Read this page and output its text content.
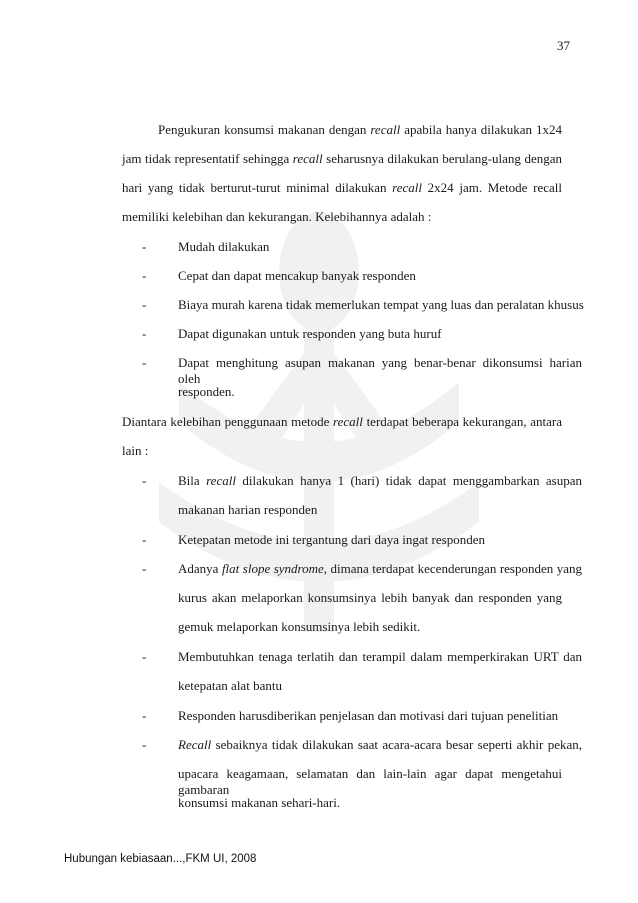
37
Pengukuran konsumsi makanan dengan recall apabila hanya dilakukan 1x24
jam tidak representatif sehingga recall seharusnya dilakukan berulang-ulang dengan
hari yang tidak berturut-turut minimal dilakukan recall 2x24 jam. Metode recall
memiliki kelebihan dan kekurangan. Kelebihannya adalah :
- Mudah dilakukan
- Cepat dan dapat mencakup banyak responden
- Biaya murah karena tidak memerlukan tempat yang luas dan peralatan khusus
- Dapat digunakan untuk responden yang buta huruf
- Dapat menghitung asupan makanan yang benar-benar dikonsumsi harian oleh
responden.
Diantara kelebihan penggunaan metode recall terdapat beberapa kekurangan, antara
lain :
- Bila recall dilakukan hanya 1 (hari) tidak dapat menggambarkan asupan
makanan harian responden
- Ketepatan metode ini tergantung dari daya ingat responden
- Adanya flat slope syndrome, dimana terdapat kecenderungan responden yang
kurus akan melaporkan konsumsinya lebih banyak dan responden yang
gemuk melaporkan konsumsinya lebih sedikit.
- Membutuhkan tenaga terlatih dan terampil dalam memperkirakan URT dan
ketepatan alat bantu
- Responden harusdiberikan penjelasan dan motivasi dari tujuan penelitian
- Recall sebaiknya tidak dilakukan saat acara-acara besar seperti akhir pekan,
upacara keagamaan, selamatan dan lain-lain agar dapat mengetahui gambaran
konsumsi makanan sehari-hari.
Hubungan kebiasaan...,FKM UI, 2008
